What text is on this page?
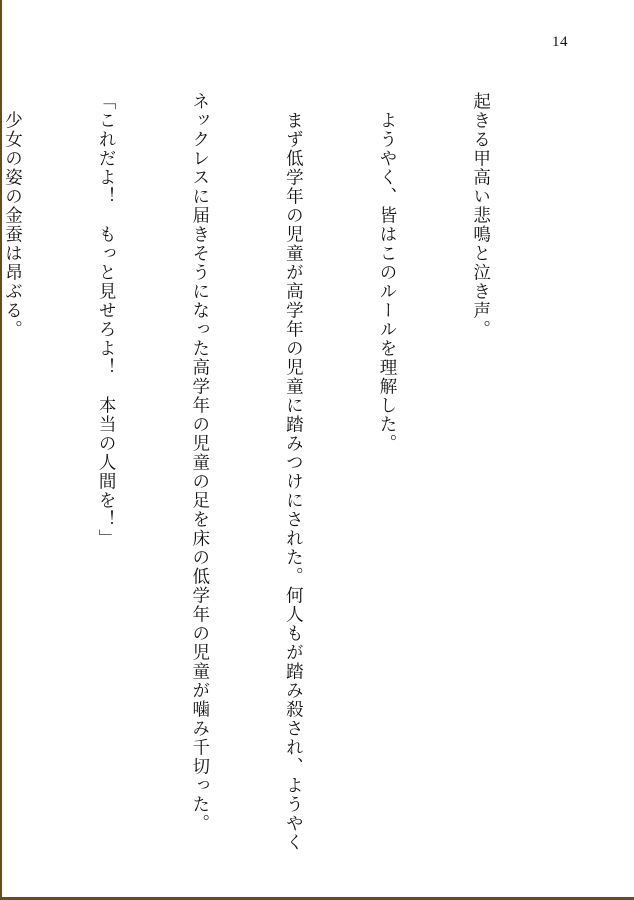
14

起きる甲高い悲鳴と泣き声。

　ようやく、皆はこのルールを理解した。

　まず低学年の児童が高学年の児童に踏みつけにされた。何人もが踏み殺され、ようやく

ネックレスに届きそうになった高学年の児童の足を床の低学年の児童が噛み千切った。

「これだよ！　もっと見せろよ！　本当の人間を！」

　少女の姿の金蚕は昂ぶる。
